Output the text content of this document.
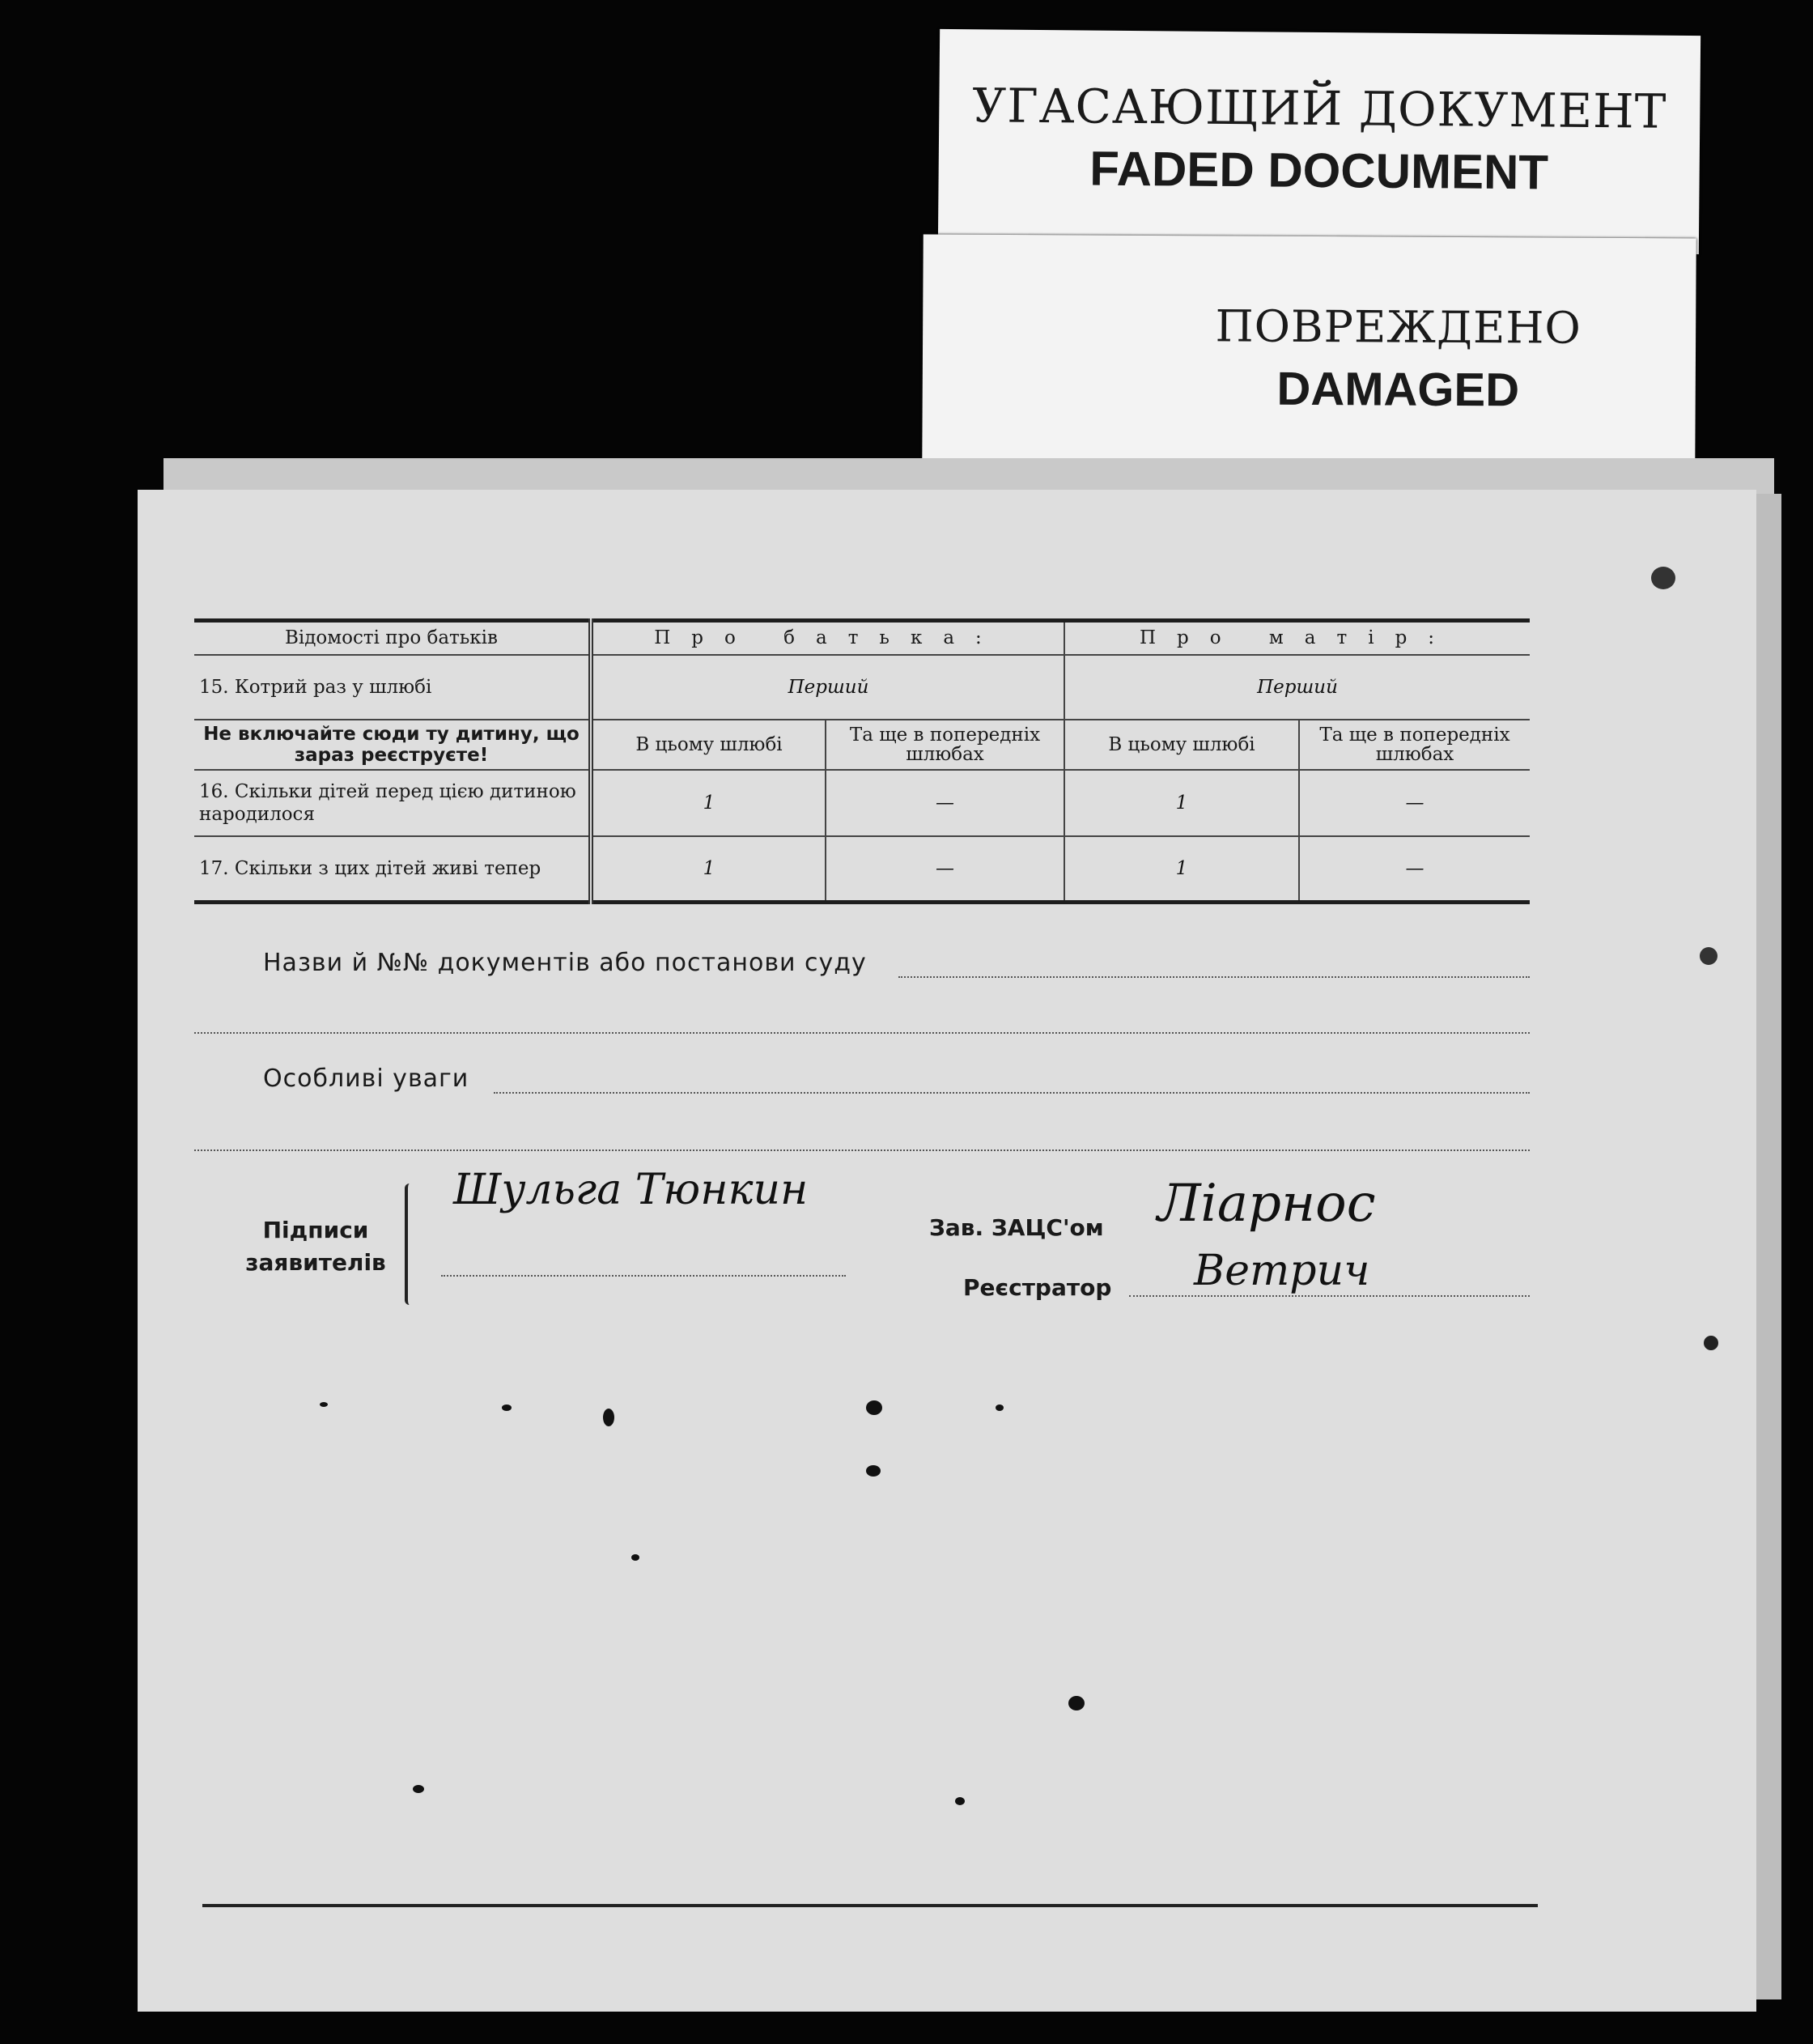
УГАСАЮЩИЙ ДОКУМЕНТ
FADED DOCUMENT
ПОВРЕЖДЕНО
DAMAGED
Відомості про батьків	Про батька:		Про матір:	
15. Котрий раз у шлюбі	Перший		Перший	
Не включайте сюди ту дитину, що зараз реєструєте!	В цьому шлюбі	Та ще в попередніх шлюбах	В цьому шлюбі	Та ще в попередніх шлюбах
16. Скільки дітей перед цією дитиною народилося	1	—	1	—
17. Скільки з цих дітей живі тепер	1	—	1	—
Назви й №№ документів або постанови суду
Особливі уваги
Підписи заявителів
Шульга Тюнкин
Зав. ЗАЦС'ом Ліарнос
Реєстратор Ветрич
